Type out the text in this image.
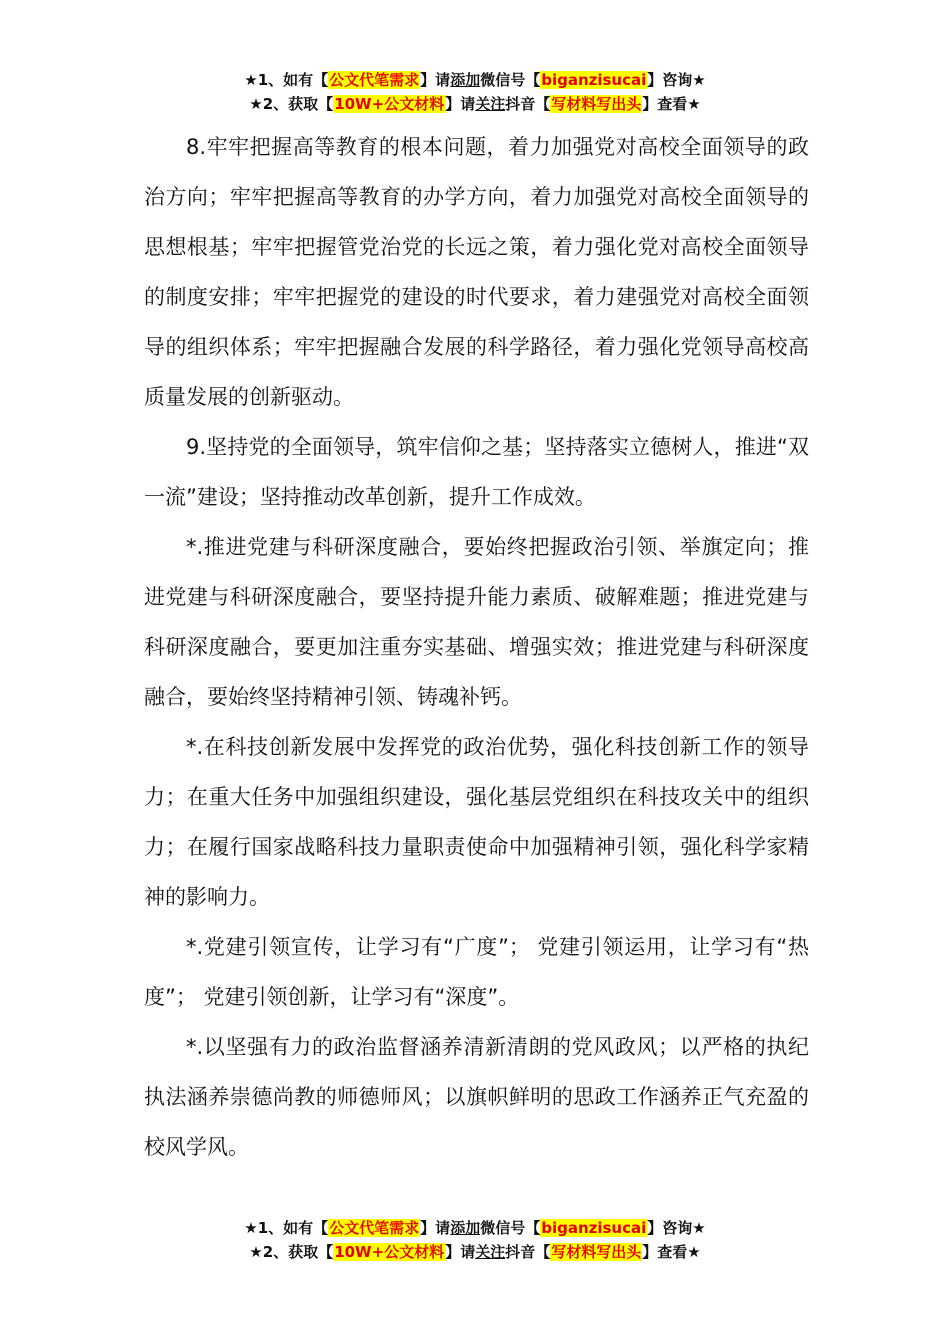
★1、如有【公文代笔需求】请添加微信号【biganzisucai】咨询★
★2、获取【10W+公文材料】请关注抖音【写材料写出头】查看★

8.牢牢把握高等教育的根本问题，着力加强党对高校全面领导的政治方向；牢牢把握高等教育的办学方向，着力加强党对高校全面领导的思想根基；牢牢把握管党治党的长远之策，着力强化党对高校全面领导的制度安排；牢牢把握党的建设的时代要求，着力建强党对高校全面领导的组织体系；牢牢把握融合发展的科学路径，着力强化党领导高校高质量发展的创新驱动。

9.坚持党的全面领导，筑牢信仰之基；坚持落实立德树人，推进“双一流”建设；坚持推动改革创新，提升工作成效。

*.推进党建与科研深度融合，要始终把握政治引领、举旗定向；推进党建与科研深度融合，要坚持提升能力素质、破解难题；推进党建与科研深度融合，要更加注重夯实基础、增强实效；推进党建与科研深度融合，要始终坚持精神引领、铸魂补钙。

*.在科技创新发展中发挥党的政治优势，强化科技创新工作的领导力；在重大任务中加强组织建设，强化基层党组织在科技攻关中的组织力；在履行国家战略科技力量职责使命中加强精神引领，强化科学家精神的影响力。

*.党建引领宣传，让学习有“广度”； 党建引领运用，让学习有“热度”； 党建引领创新，让学习有“深度”。

*.以坚强有力的政治监督涵养清新清朗的党风政风；以严格的执纪执法涵养崇德尚教的师德师风；以旗帜鲜明的思政工作涵养正气充盈的校风学风。

★1、如有【公文代笔需求】请添加微信号【biganzisucai】咨询★
★2、获取【10W+公文材料】请关注抖音【写材料写出头】查看★
